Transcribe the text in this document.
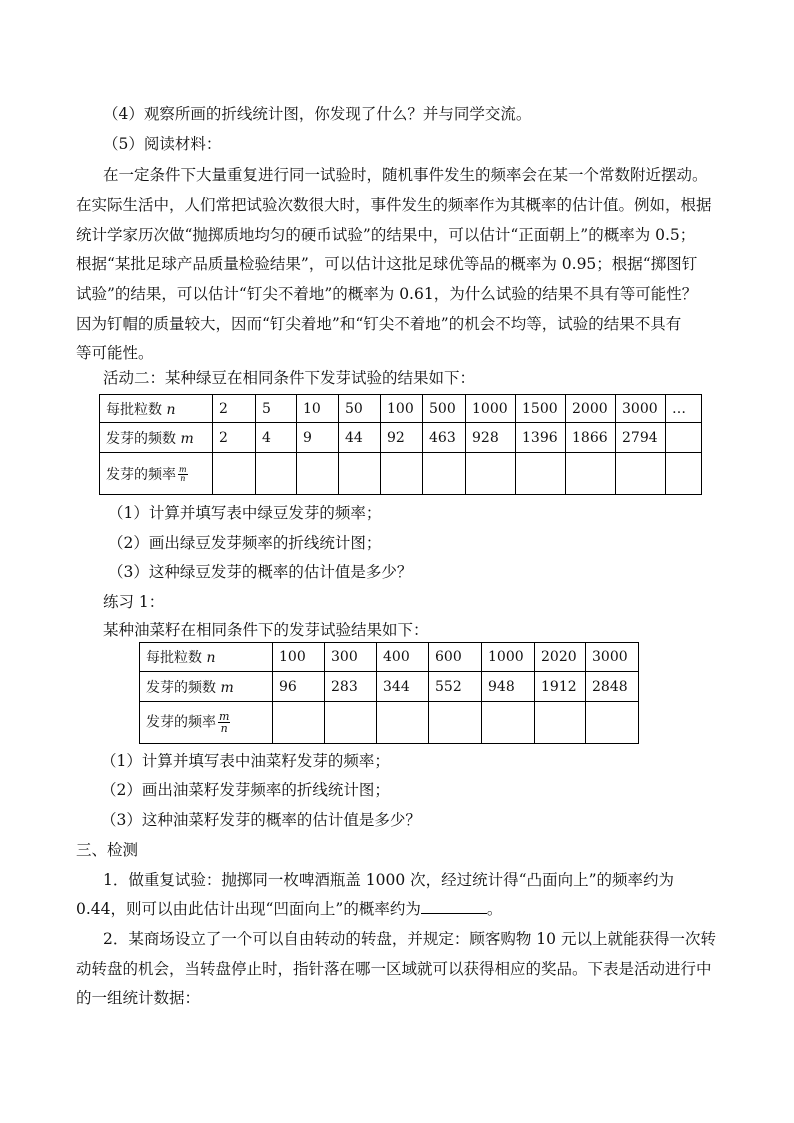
（4）观察所画的折线统计图，你发现了什么？并与同学交流。
（5）阅读材料：
在一定条件下大量重复进行同一试验时，随机事件发生的频率会在某一个常数附近摆动。
在实际生活中，人们常把试验次数很大时，事件发生的频率作为其概率的估计值。例如，根据
统计学家历次做“抛掷质地均匀的硬币试验”的结果中，可以估计“正面朝上”的概率为 0.5；
根据“某批足球产品质量检验结果”，可以估计这批足球优等品的概率为 0.95；根据“掷图钉
试验”的结果，可以估计“钉尖不着地”的概率为 0.61，为什么试验的结果不具有等可能性？
因为钉帽的质量较大，因而“钉尖着地”和“钉尖不着地”的机会不均等，试验的结果不具有
等可能性。
活动二：某种绿豆在相同条件下发芽试验的结果如下：
每批粒数 n	2	5	10	50	100	500	1000	1500	2000	3000	…
发芽的频数 m	2	4	9	44	92	463	928	1396	1866	2794	
发芽的频率 $\frac{m}{n}$

（1）计算并填写表中绿豆发芽的频率；
（2）画出绿豆发芽频率的折线统计图；
（3）这种绿豆发芽的概率的估计值是多少？
练习 1：
某种油菜籽在相同条件下的发芽试验结果如下：
每批粒数 n	100	300	400	600	1000	2020	3000
发芽的频数 m	96	283	344	552	948	1912	2848
发芽的频率 $\frac{m}{n}$

（1）计算并填写表中油菜籽发芽的频率；
（2）画出油菜籽发芽频率的折线统计图；
（3）这种油菜籽发芽的概率的估计值是多少？
三、检测
1．做重复试验：抛掷同一枚啤酒瓶盖 1000 次，经过统计得“凸面向上”的频率约为
0.44，则可以由此估计出现“凹面向上”的概率约为	。
2．某商场设立了一个可以自由转动的转盘，并规定：顾客购物 10 元以上就能获得一次转
动转盘的机会，当转盘停止时，指针落在哪一区域就可以获得相应的奖品。下表是活动进行中
的一组统计数据：
